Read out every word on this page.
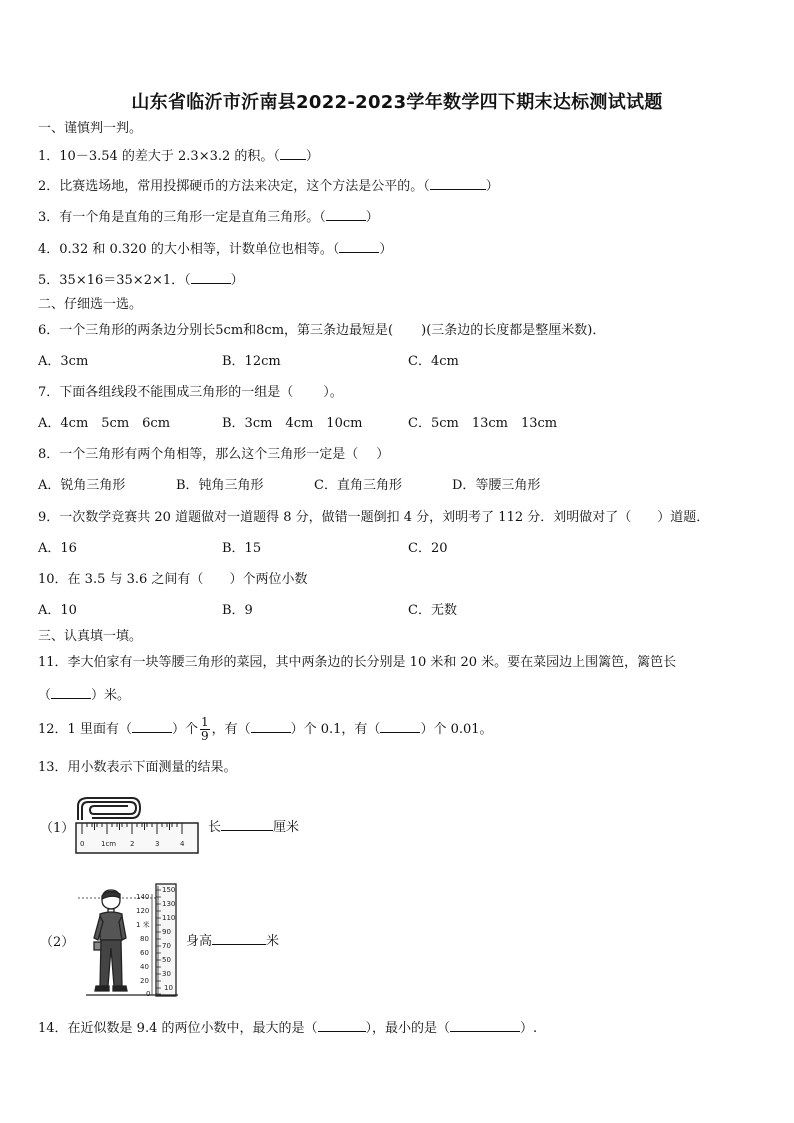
山东省临沂市沂南县2022-2023学年数学四下期末达标测试试题
一、谨慎判一判。
1．10－3.54 的差大于 2.3×3.2 的积。（ ）
2．比赛选场地，常用投掷硬币的方法来决定，这个方法是公平的。（	）
3．有一个角是直角的三角形一定是直角三角形。（	）
4．0.32 和 0.320 的大小相等，计数单位也相等。（	）
5．35×16＝35×2×1．（	）
二、仔细选一选。
6．一个三角形的两条边分别长5cm和8cm，第三条边最短是( )(三条边的长度都是整厘米数)．
A．3cm	B．12cm	C．4cm
7．下面各组线段不能围成三角形的一组是（ ）。
A．4cm　5cm　6cm	B．3cm　4cm　10cm	C．5cm　13cm　13cm
8．一个三角形有两个角相等，那么这个三角形一定是（ ）
A．锐角三角形	B．钝角三角形	C．直角三角形	D．等腰三角形
9．一次数学竞赛共 20 道题做对一道题得 8 分，做错一题倒扣 4 分，刘明考了 112 分．刘明做对了（ ）道题．
A．16	B．15	C．20
10．在 3.5 与 3.6 之间有（ ）个两位小数
A．10	B．9	C．无数
三、认真填一填。
11．李大伯家有一块等腰三角形的菜园，其中两条边的长分别是 10 米和 20 米。要在菜园边上围篱笆，篱笆长
（	）米。
12．1 里面有（	）个 $\frac{1}{9}$ ，有（	）个 0.1，有（	）个 0.01。
13．用小数表示下面测量的结果。
（1）
0 1cm 2	3	4
长	厘米
（2）
150
130
110
90
70
50
30
10
140
120
1 米
80
60
40
20
0
身高	米
14．在近似数是 9.4 的两位小数中，最大的是（	），最小的是（	）.
